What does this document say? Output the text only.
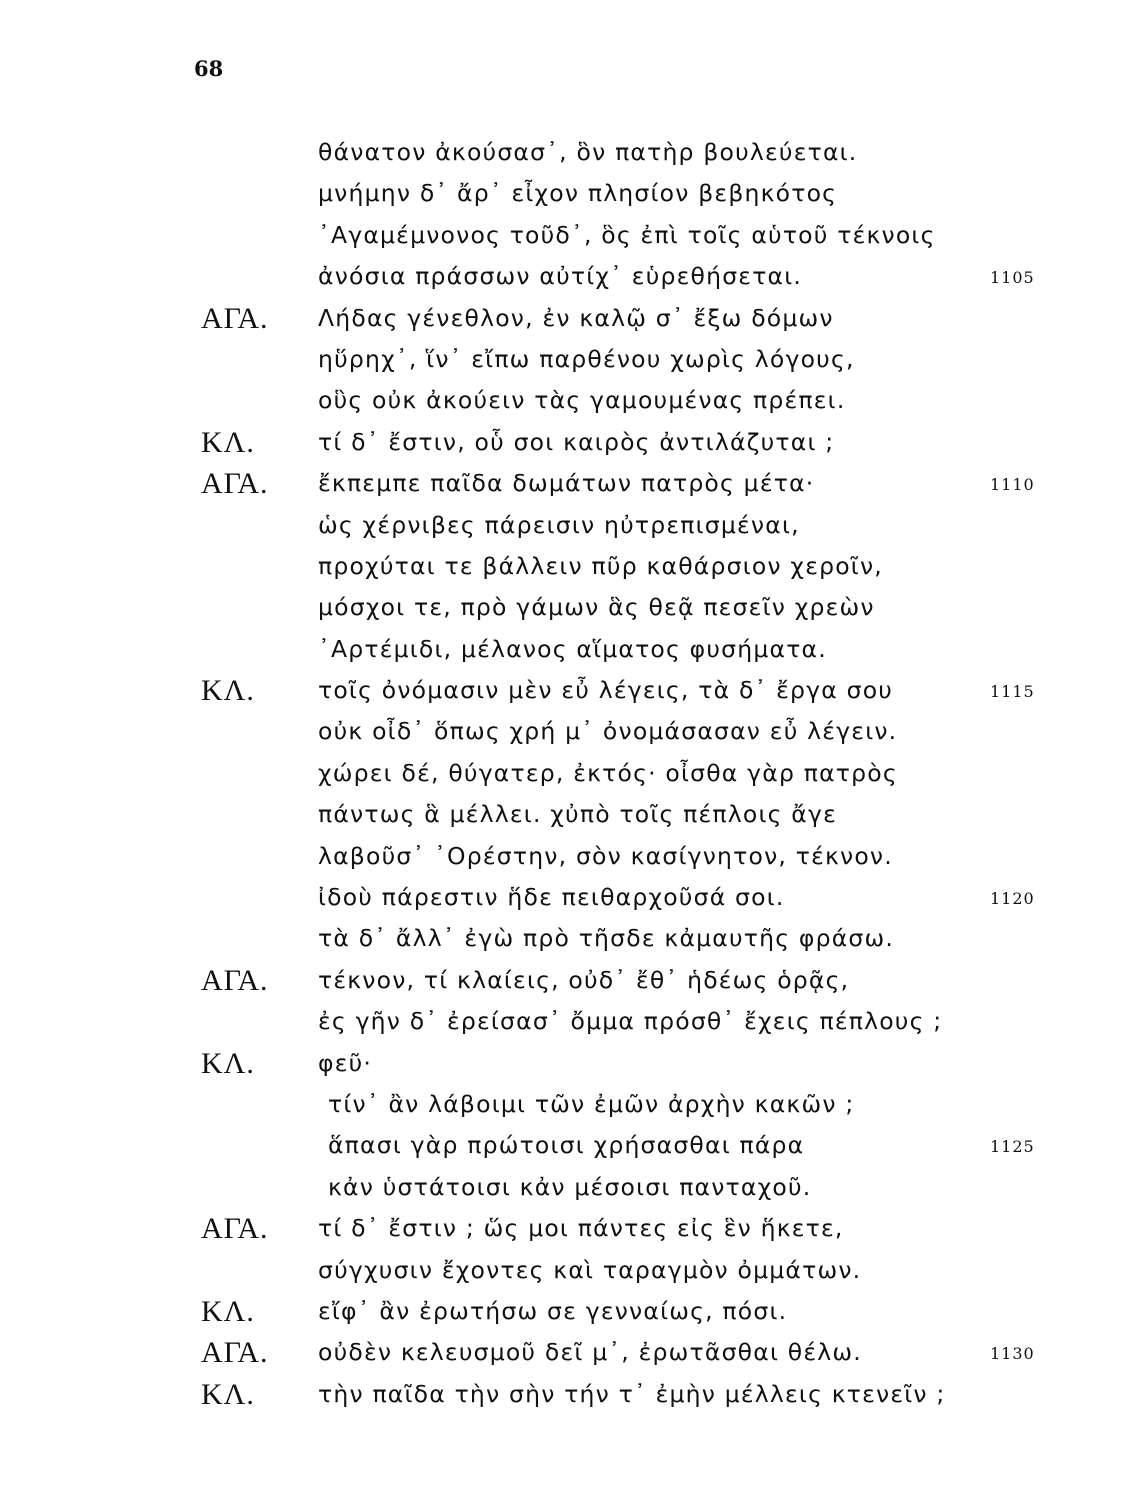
68
θάνατον ἀκούσασ᾽, ὃν πατὴρ βουλεύεται.
μνήμην δ᾽ ἄρ᾽ εἶχον πλησίον βεβηκότος
᾽Αγαμέμνονος τοῦδ᾽, ὃς ἐπὶ τοῖς αὑτοῦ τέκνοις
ἀνόσια πράσσων αὐτίχ᾽ εὑρεθήσεται.	1105
ΑΓΑ. Λήδας γένεθλον, ἐν καλῷ σ᾽ ἔξω δόμων
ηὕρηχ᾽, ἵν᾽ εἴπω παρθένου χωρὶς λόγους,
οὓς οὐκ ἀκούειν τὰς γαμουμένας πρέπει.
ΚΛ.	τί δ᾽ ἔστιν, οὗ σοι καιρὸς ἀντιλάζυται ;
ΑΓΑ. ἔκπεμπε παῖδα δωμάτων πατρὸς μέτα·	1110
ὡς χέρνιβες πάρεισιν ηὐτρεπισμέναι,
προχύται τε βάλλειν πῦρ καθάρσιον χεροῖν,
μόσχοι τε, πρὸ γάμων ἃς θεᾷ πεσεῖν χρεὼν
᾽Αρτέμιδι, μέλανος αἵματος φυσήματα.
ΚΛ.	τοῖς ὀνόμασιν μὲν εὖ λέγεις, τὰ δ᾽ ἔργα σου	1115
οὐκ οἶδ᾽ ὅπως χρή μ᾽ ὀνομάσασαν εὖ λέγειν.
χώρει δέ, θύγατερ, ἐκτός· οἶσθα γὰρ πατρὸς
πάντως ἃ μέλλει. χὐπὸ τοῖς πέπλοις ἄγε
λαβοῦσ᾽ ᾽Ορέστην, σὸν κασίγνητον, τέκνον.
ἰδοὺ πάρεστιν ἥδε πειθαρχοῦσά σοι.	1120
τὰ δ᾽ ἄλλ᾽ ἐγὼ πρὸ τῆσδε κἀμαυτῆς φράσω.
ΑΓΑ. τέκνον, τί κλαίεις, οὐδ᾽ ἔθ᾽ ἡδέως ὁρᾷς,
ἐς γῆν δ᾽ ἐρείσασ᾽ ὄμμα πρόσθ᾽ ἔχεις πέπλους ;
ΚΛ.	φεῦ·
τίν᾽ ἂν λάβοιμι τῶν ἐμῶν ἀρχὴν κακῶν ;
ἅπασι γὰρ πρώτοισι χρήσασθαι πάρα	1125
κἀν ὑστάτοισι κἀν μέσοισι πανταχοῦ.
ΑΓΑ. τί δ᾽ ἔστιν ; ὥς μοι πάντες εἰς ἓν ἥκετε,
σύγχυσιν ἔχοντες καὶ ταραγμὸν ὀμμάτων.
ΚΛ.	εἴφ᾽ ἂν ἐρωτήσω σε γενναίως, πόσι.
ΑΓΑ. οὐδὲν κελευσμοῦ δεῖ μ᾽, ἐρωτᾶσθαι θέλω.	1130
ΚΛ.	τὴν παῖδα τὴν σὴν τήν τ᾽ ἐμὴν μέλλεις κτενεῖν ;
